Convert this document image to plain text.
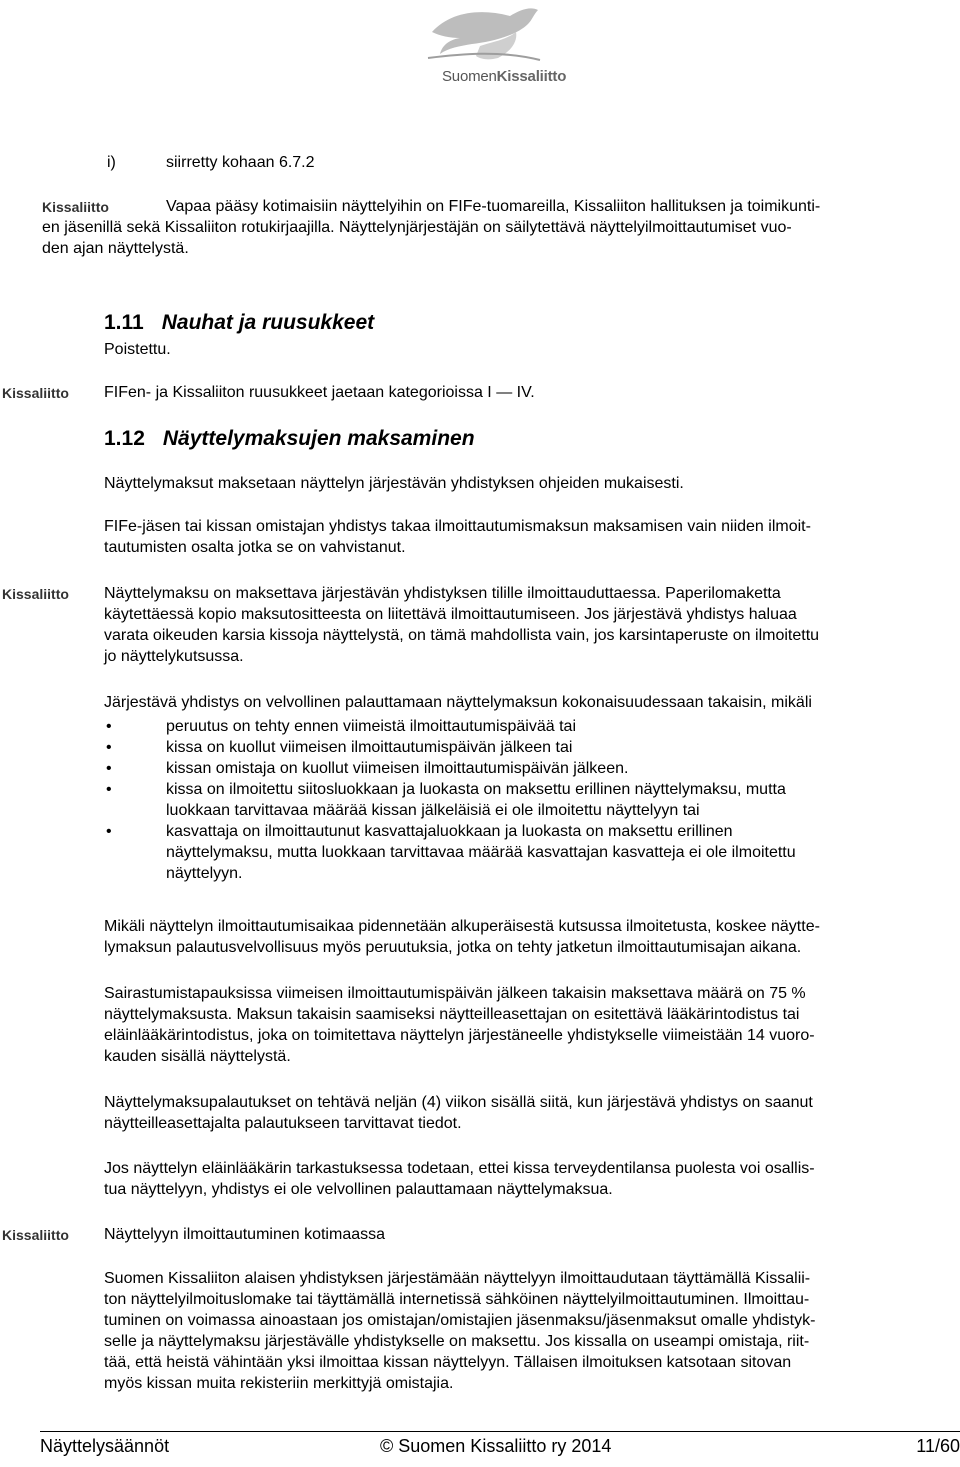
SuomenKissaliitto
i)	siirretty kohaan 6.7.2
Kissaliitto	Vapaa pääsy kotimaisiin näyttelyihin on FIFe-tuomareilla, Kissaliiton hallituksen ja toimikunti-
en jäsenillä sekä Kissaliiton rotukirjaajilla. Näyttelynjärjestäjän on säilytettävä näyttelyilmoittautumiset vuo-
den ajan näyttelystä.
1.11 Nauhat ja ruusukkeet
Poistettu.
Kissaliitto FIFen- ja Kissaliiton ruusukkeet jaetaan kategorioissa I — IV.
1.12 Näyttelymaksujen maksaminen
Näyttelymaksut maksetaan näyttelyn järjestävän yhdistyksen ohjeiden mukaisesti.
FIFe-jäsen tai kissan omistajan yhdistys takaa ilmoittautumismaksun maksamisen vain niiden ilmoit-
tautumisten osalta jotka se on vahvistanut.
Kissaliitto Näyttelymaksu on maksettava järjestävän yhdistyksen tilille ilmoittauduttaessa. Paperilomaketta
käytettäessä kopio maksutositteesta on liitettävä ilmoittautumiseen. Jos järjestävä yhdistys haluaa
varata oikeuden karsia kissoja näyttelystä, on tämä mahdollista vain, jos karsintaperuste on ilmoitettu
jo näyttelykutsussa.
Järjestävä yhdistys on velvollinen palauttamaan näyttelymaksun kokonaisuudessaan takaisin, mikäli
• peruutus on tehty ennen viimeistä ilmoittautumispäivää tai
• kissa on kuollut viimeisen ilmoittautumispäivän jälkeen tai
• kissan omistaja on kuollut viimeisen ilmoittautumispäivän jälkeen.
• kissa on ilmoitettu siitosluokkaan ja luokasta on maksettu erillinen näyttelymaksu, mutta
luokkaan tarvittavaa määrää kissan jälkeläisiä ei ole ilmoitettu näyttelyyn tai
• kasvattaja on ilmoittautunut kasvattajaluokkaan ja luokasta on maksettu erillinen
näyttelymaksu, mutta luokkaan tarvittavaa määrää kasvattajan kasvatteja ei ole ilmoitettu
näyttelyyn.
Mikäli näyttelyn ilmoittautumisaikaa pidennetään alkuperäisestä kutsussa ilmoitetusta, koskee näytte-
lymaksun palautusvelvollisuus myös peruutuksia, jotka on tehty jatketun ilmoittautumisajan aikana.
Sairastumistapauksissa viimeisen ilmoittautumispäivän jälkeen takaisin maksettava määrä on 75 %
näyttelymaksusta. Maksun takaisin saamiseksi näytteilleasettajan on esitettävä lääkärintodistus tai
eläinlääkärintodistus, joka on toimitettava näyttelyn järjestäneelle yhdistykselle viimeistään 14 vuoro-
kauden sisällä näyttelystä.
Näyttelymaksupalautukset on tehtävä neljän (4) viikon sisällä siitä, kun järjestävä yhdistys on saanut
näytteilleasettajalta palautukseen tarvittavat tiedot.
Jos näyttelyn eläinlääkärin tarkastuksessa todetaan, ettei kissa terveydentilansa puolesta voi osallis-
tua näyttelyyn, yhdistys ei ole velvollinen palauttamaan näyttelymaksua.
Kissaliitto Näyttelyyn ilmoittautuminen kotimaassa
Suomen Kissaliiton alaisen yhdistyksen järjestämään näyttelyyn ilmoittaudutaan täyttämällä Kissalii-
ton näyttelyilmoituslomake tai täyttämällä internetissä sähköinen näyttelyilmoittautuminen. Ilmoittau-
tuminen on voimassa ainoastaan jos omistajan/omistajien jäsenmaksu/jäsenmaksut omalle yhdistyk-
selle ja näyttelymaksu järjestävälle yhdistykselle on maksettu. Jos kissalla on useampi omistaja, riit-
tää, että heistä vähintään yksi ilmoittaa kissan näyttelyyn. Tällaisen ilmoituksen katsotaan sitovan
myös kissan muita rekisteriin merkittyjä omistajia.
Näyttelysäännöt	© Suomen Kissaliitto ry 2014	11/60
